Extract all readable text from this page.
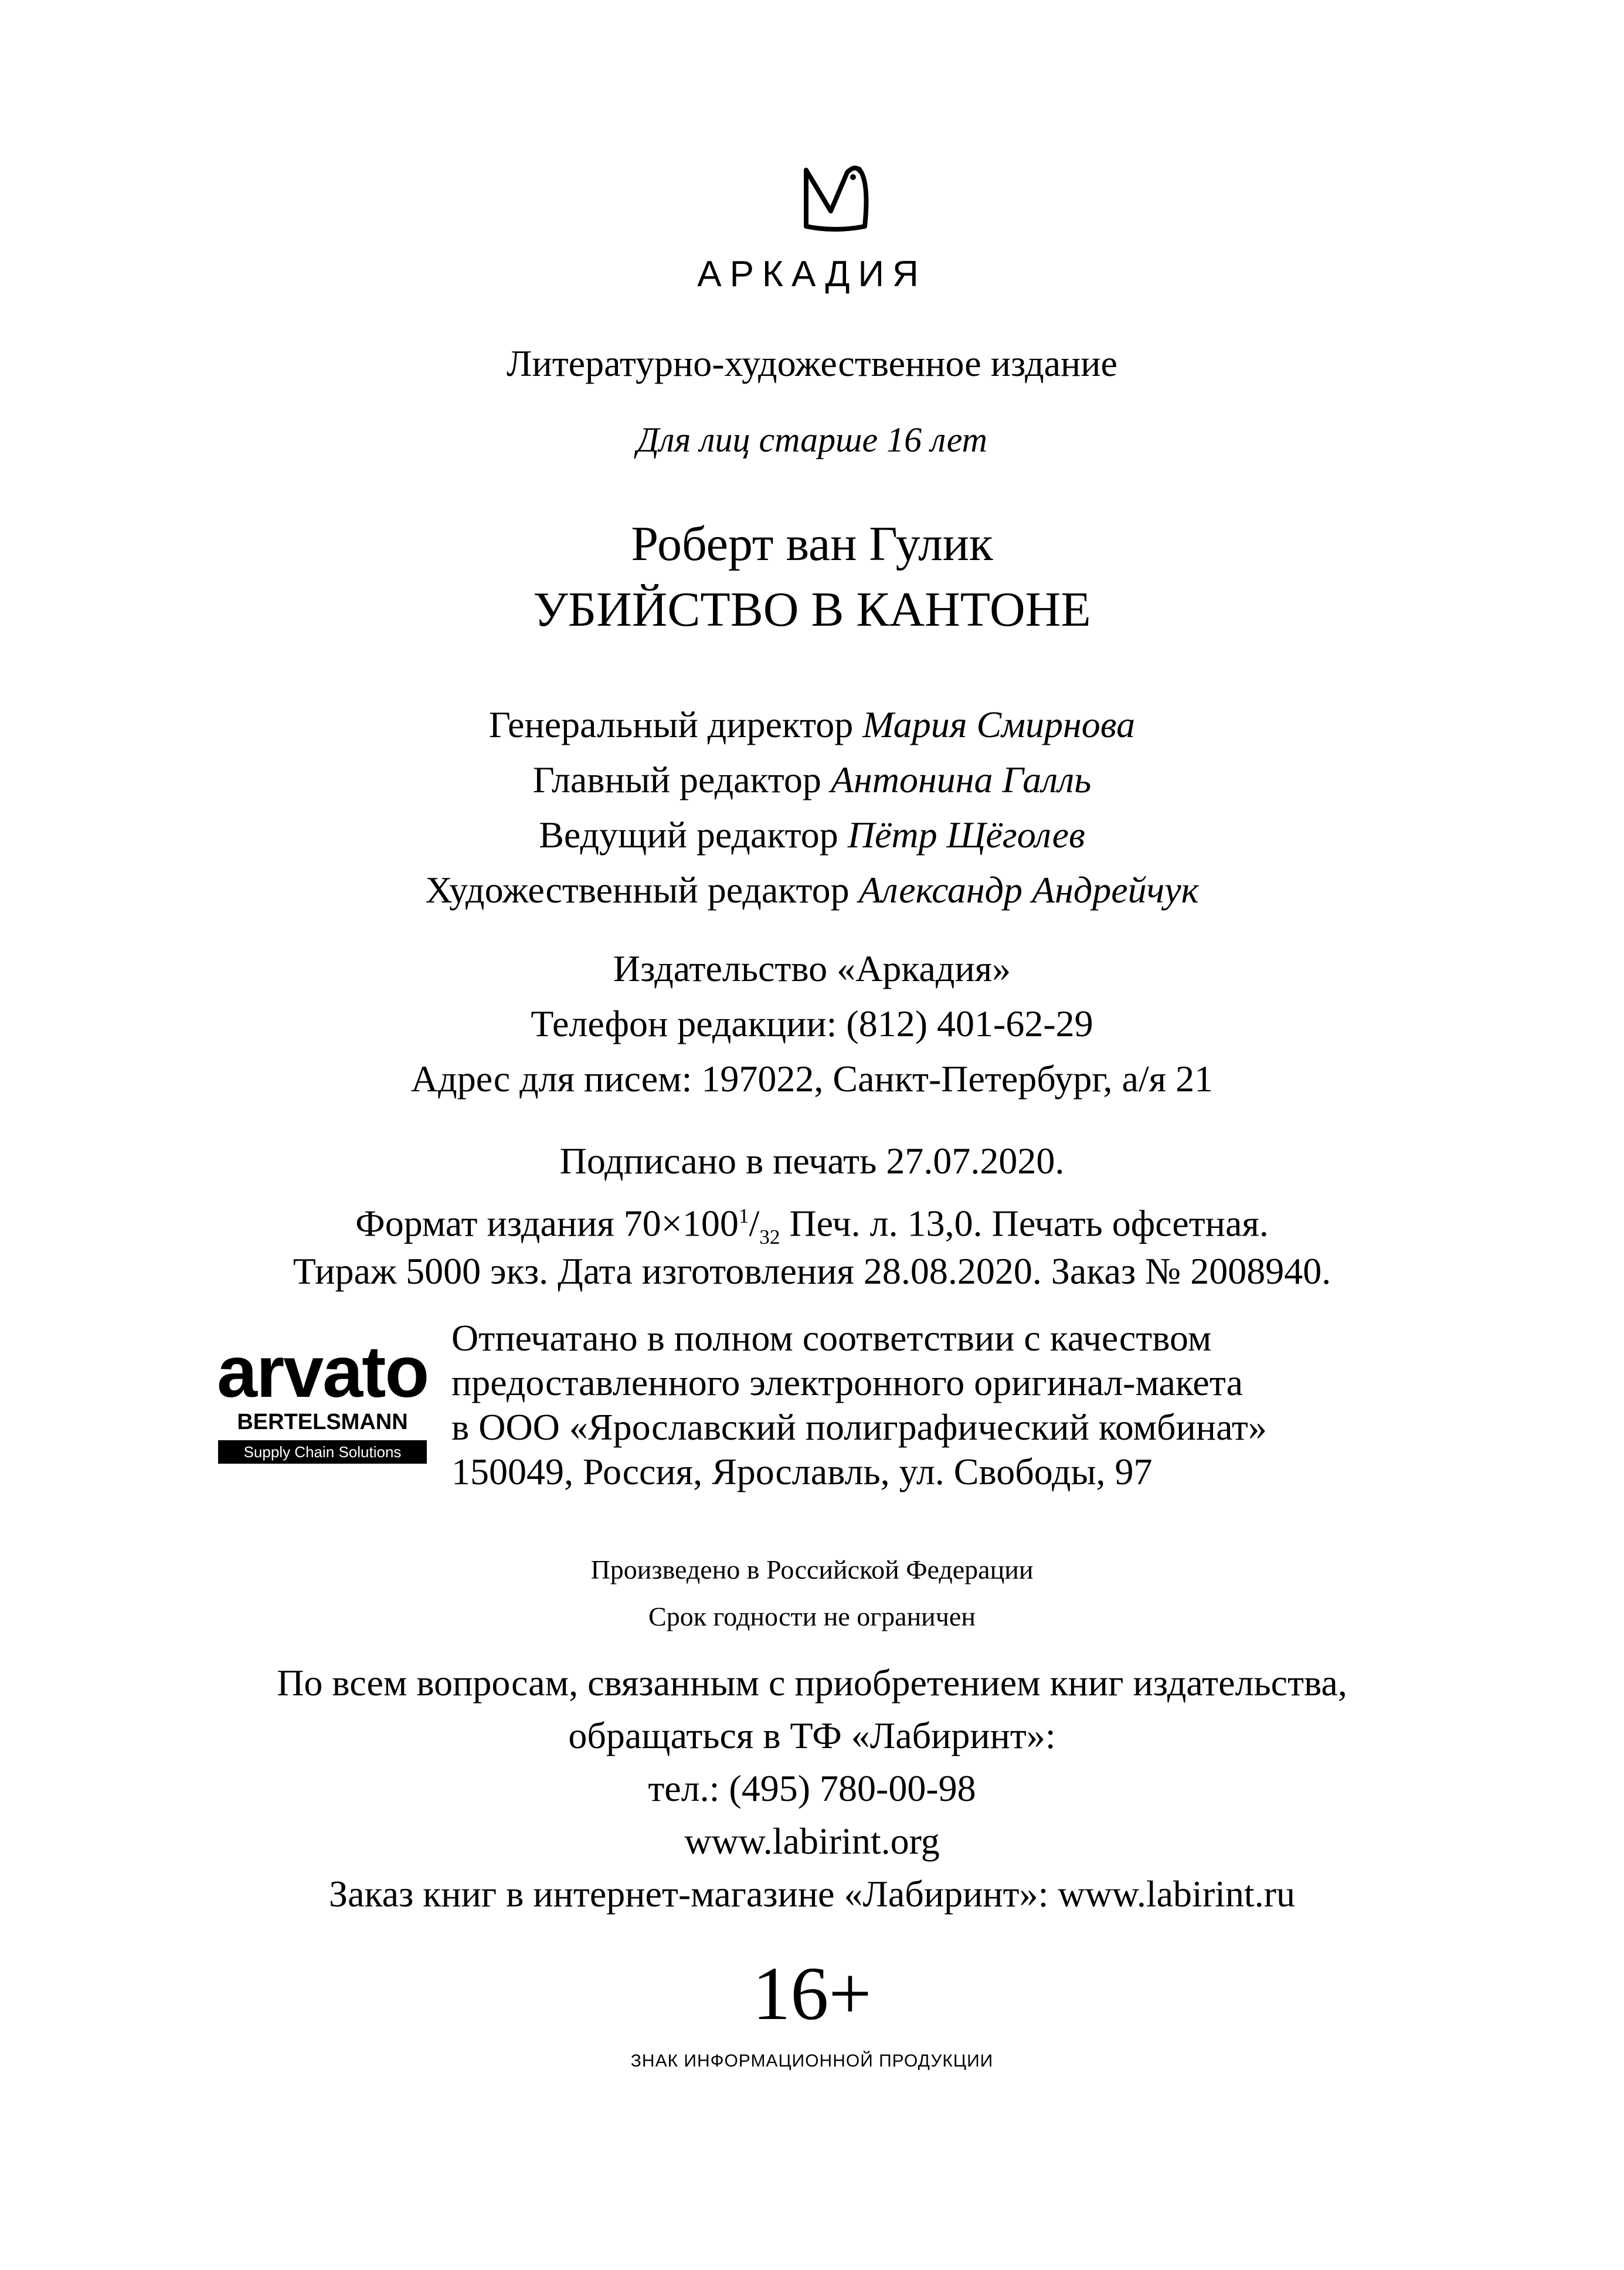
АРКАДИЯ
Литературно-художественное издание
Для лиц старше 16 лет
Роберт ван Гулик
УБИЙСТВО В КАНТОНЕ
Генеральный директор Мария Смирнова
Главный редактор Антонина Галль
Ведущий редактор Пётр Щёголев
Художественный редактор Александр Андрейчук
Издательство «Аркадия»
Телефон редакции: (812) 401-62-29
Адрес для писем: 197022, Санкт-Петербург, а/я 21
Подписано в печать 27.07.2020.
Формат издания $70\times 100^1/_{32}$ Печ. л. 13,0. Печать офсетная.
Тираж 5000 экз. Дата изготовления 28.08.2020. Заказ № 2008940.
arvato
BERTELSMANN
Supply Chain Solutions
Отпечатано в полном соответствии с качеством
предоставленного электронного оригинал-макета
в ООО «Ярославский полиграфический комбинат»
150049, Россия, Ярославль, ул. Свободы, 97
Произведено в Российской Федерации
Срок годности не ограничен
По всем вопросам, связанным с приобретением книг издательства,
обращаться в ТФ «Лабиринт»:
тел.: (495) 780-00-98
www.labirint.org
Заказ книг в интернет-магазине «Лабиринт»: www.labirint.ru
16+
ЗНАК ИНФОРМАЦИОННОЙ ПРОДУКЦИИ
